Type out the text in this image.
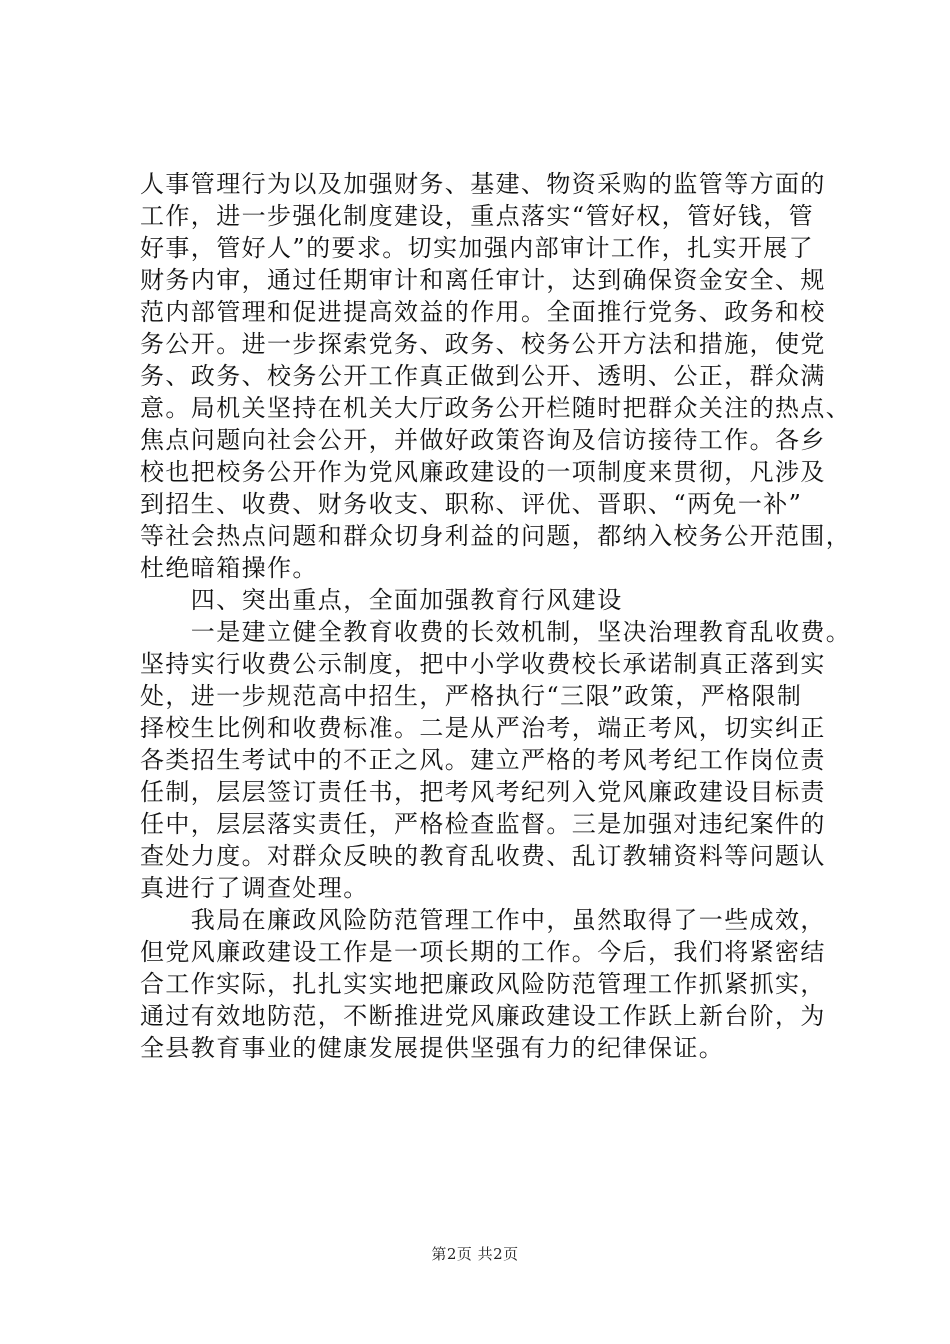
人事管理行为以及加强财务、基建、物资采购的监管等方面的
工作，进一步强化制度建设，重点落实“管好权，管好钱，管
好事，管好人”的要求。切实加强内部审计工作，扎实开展了
财务内审，通过任期审计和离任审计，达到确保资金安全、规
范内部管理和促进提高效益的作用。全面推行党务、政务和校
务公开。进一步探索党务、政务、校务公开方法和措施，使党
务、政务、校务公开工作真正做到公开、透明、公正，群众满
意。局机关坚持在机关大厅政务公开栏随时把群众关注的热点、
焦点问题向社会公开，并做好政策咨询及信访接待工作。各乡
校也把校务公开作为党风廉政建设的一项制度来贯彻，凡涉及
到招生、收费、财务收支、职称、评优、晋职、“两免一补”
等社会热点问题和群众切身利益的问题，都纳入校务公开范围，
杜绝暗箱操作。
　　四、突出重点，全面加强教育行风建设
　　一是建立健全教育收费的长效机制，坚决治理教育乱收费。
坚持实行收费公示制度，把中小学收费校长承诺制真正落到实
处，进一步规范高中招生，严格执行“三限”政策，严格限制
择校生比例和收费标准。二是从严治考，端正考风，切实纠正
各类招生考试中的不正之风。建立严格的考风考纪工作岗位责
任制，层层签订责任书，把考风考纪列入党风廉政建设目标责
任中，层层落实责任，严格检查监督。三是加强对违纪案件的
查处力度。对群众反映的教育乱收费、乱订教辅资料等问题认
真进行了调查处理。
　　我局在廉政风险防范管理工作中，虽然取得了一些成效，
但党风廉政建设工作是一项长期的工作。今后，我们将紧密结
合工作实际，扎扎实实地把廉政风险防范管理工作抓紧抓实，
通过有效地防范，不断推进党风廉政建设工作跃上新台阶，为
全县教育事业的健康发展提供坚强有力的纪律保证。
第2页 共2页
